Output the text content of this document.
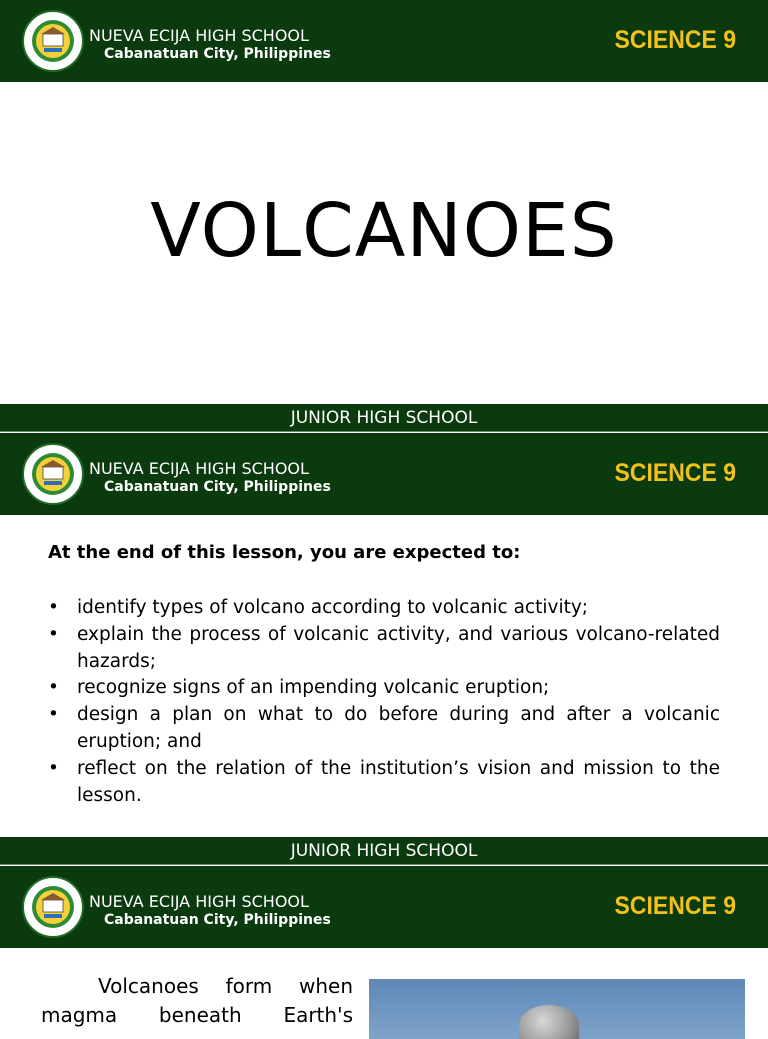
NUEVA ECIJA HIGH SCHOOL
Cabanatuan City, Philippines	SCIENCE 9
VOLCANOES
JUNIOR HIGH SCHOOL
NUEVA ECIJA HIGH SCHOOL
Cabanatuan City, Philippines	SCIENCE 9
At the end of this lesson, you are expected to:
• identify types of volcano according to volcanic activity;
• explain the process of volcanic activity, and various volcano-related hazards;
• recognize signs of an impending volcanic eruption;
• design a plan on what to do before during and after a volcanic eruption; and
• reflect on the relation of the institution’s vision and mission to the lesson.
JUNIOR HIGH SCHOOL
NUEVA ECIJA HIGH SCHOOL
Cabanatuan City, Philippines	SCIENCE 9
Volcanoes form when magma beneath Earth's
